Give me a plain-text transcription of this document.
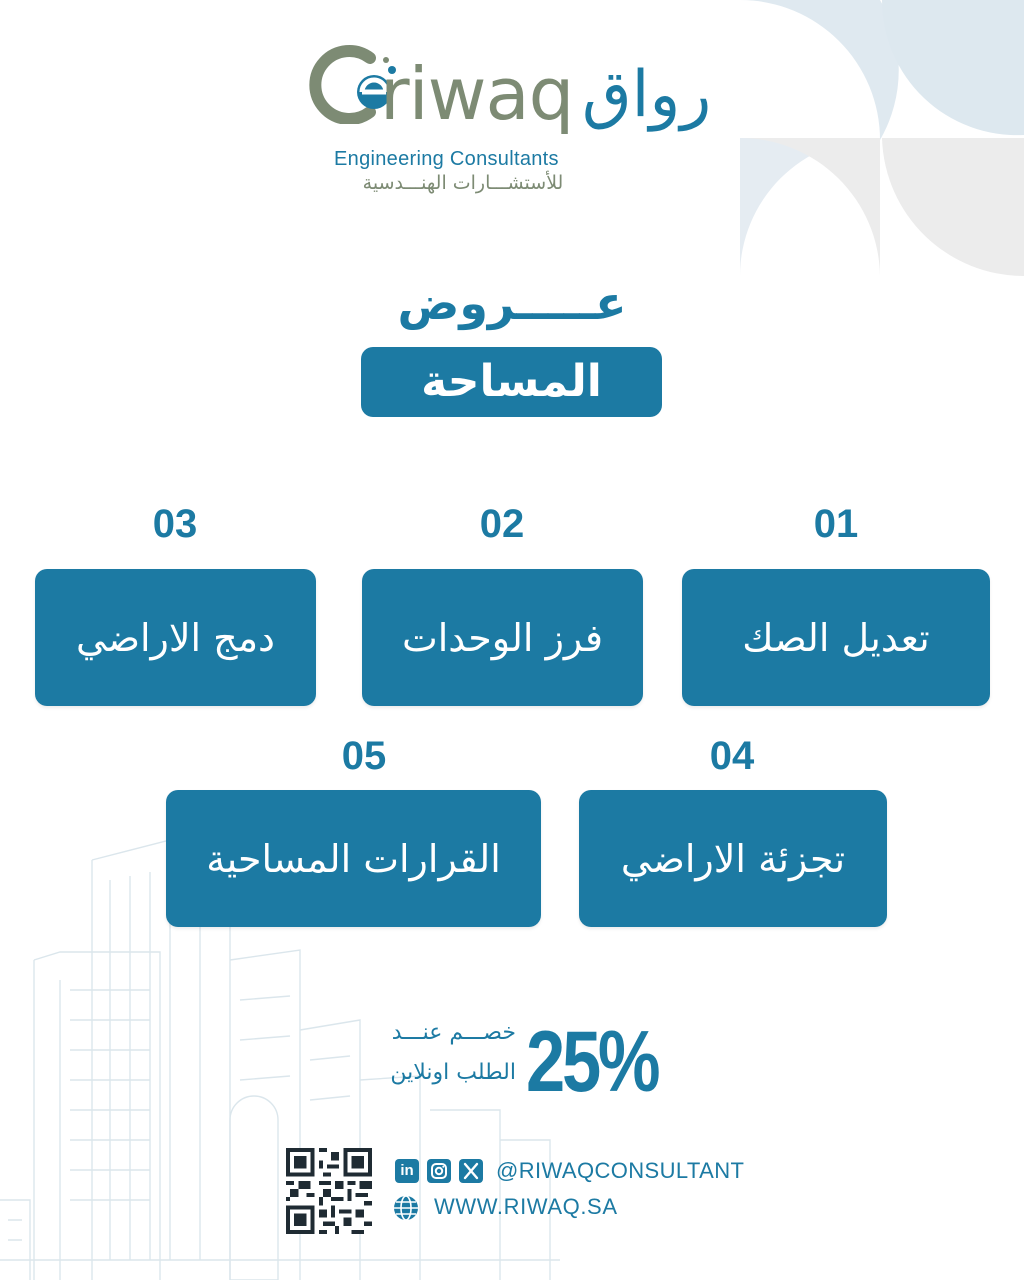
riwaq رواق
Engineering Consultants
للأستشـــارات الهنـــدسية
عـــــروض
المساحة
01
تعديل الصك
02
فرز الوحدات
03
دمج الاراضي
04
تجزئة الاراضي
05
القرارات المساحية
خصـــم عنـــد
الطلب اونلاين 25%
in	@RIWAQCONSULTANT
WWW.RIWAQ.SA
